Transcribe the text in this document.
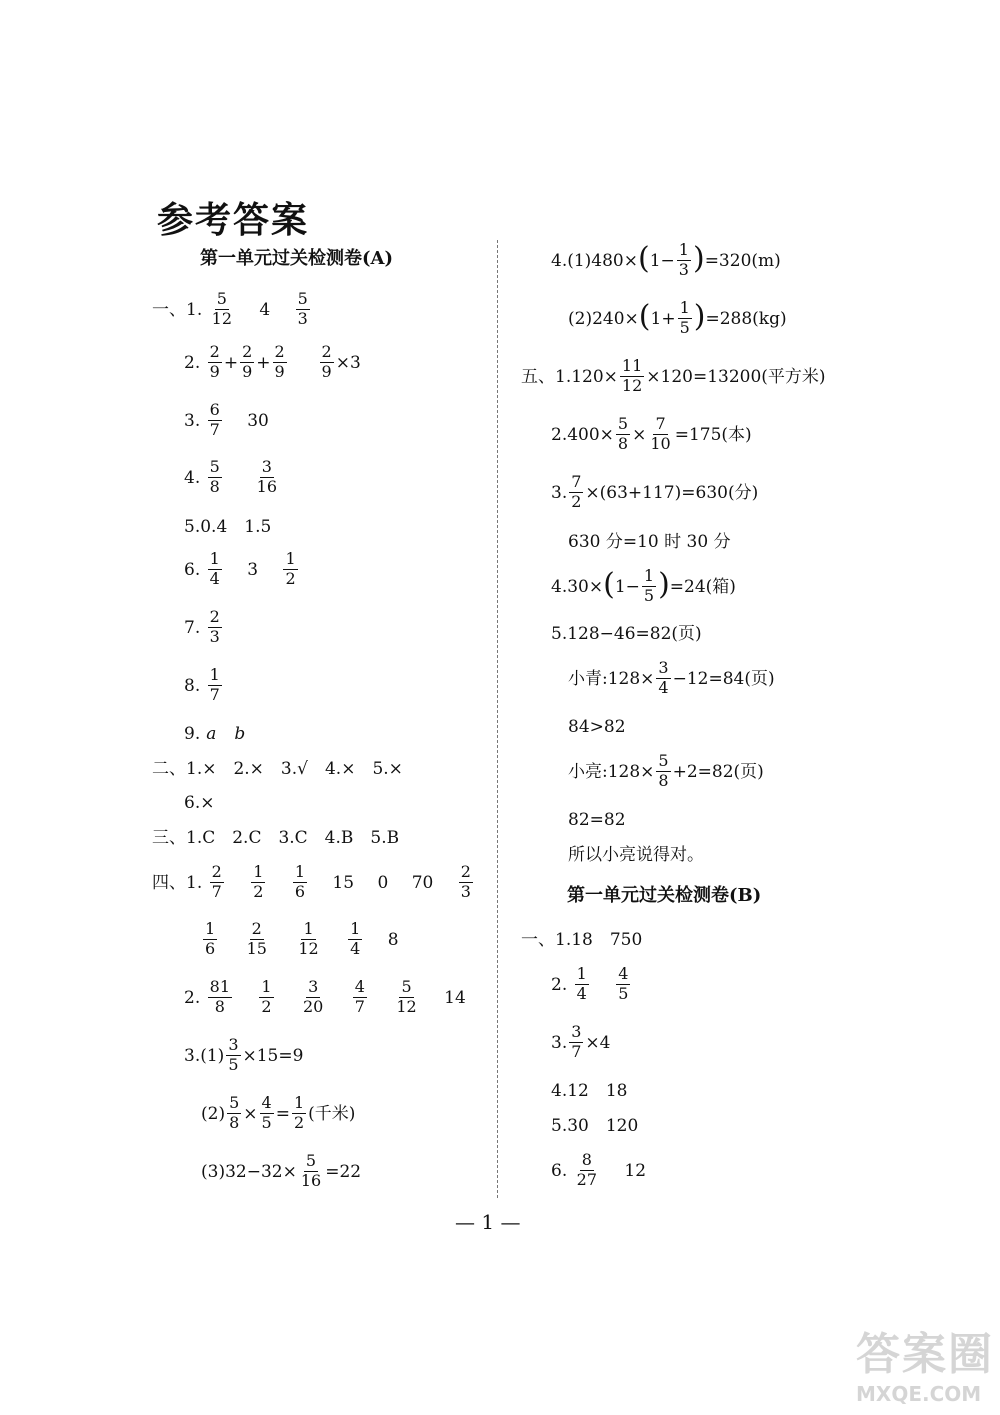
参考答案
第一单元过关检测卷(A)
一、1. $\frac{5}{12} 4 \frac{5}{3}$
2. $\frac{2}{9} + \frac{2}{9} + \frac{2}{9}$
$\frac{2}{9} \times 3$
3. $\frac{6}{7} 30$
4. $\frac{5}{8}$
$\frac{3}{16}$
5.0.4　1.5
6. $\frac{1}{4} 3 \frac{1}{2}$
7. $\frac{2}{3}$
8. $\frac{1}{7}$
9. a b
二、1.×　2.×　3.√　4.×　5.×
6.×
三、1.C　2.C　3.C　4.B　5.B
四、1. $\frac{2}{7}$
$\frac{1}{2}$
$\frac{1}{6} 15$ 0 $70 \frac{2}{3}$
$\frac{1}{6}$
$\frac{2}{15}$
$\frac{1}{12}$
$\frac{1}{4} 8$
2. $\frac{81}{8}$
$\frac{1}{2}$
$\frac{3}{20}$
$\frac{4}{7}$
$\frac{5}{12} 14$
$3.(1) \frac{3}{5} \times 15=9$
$(2) \frac{5}{8} \times \frac{4}{5} = \frac{1}{2}$ (千米)
$(3)32-32\times \frac{5}{16} =22$
$4.(1)480\times(1- \frac{1}{3} )=320(m)$
$(2)240\times(1+ \frac{1}{5} )=288(kg)$
五、$1.120\times \frac{11}{12} \times 120=13200$(平方米)
$2.400\times \frac{5}{8} \times \frac{7}{10} =175$(本)
3. $\frac{7}{2} \times(63+117)=630$(分)
630 分=10 时 30 分
$4.30\times(1- \frac{1}{5} )=24$(箱)
5.128−46=82(页)
小青:128× $\frac{3}{4} -12=84$(页)
84>82
小亮:128× $\frac{5}{8} +2=82$(页)
82=82
所以小亮说得对。
第一单元过关检测卷(B)
一、1.18　750
2. $\frac{1}{4}$
$\frac{4}{5}$
3. $\frac{3}{7} \times 4$
4.12　18
5.30　120
6. $\frac{8}{27} 12$
— 1 —
答案圈
MXQE.COM
